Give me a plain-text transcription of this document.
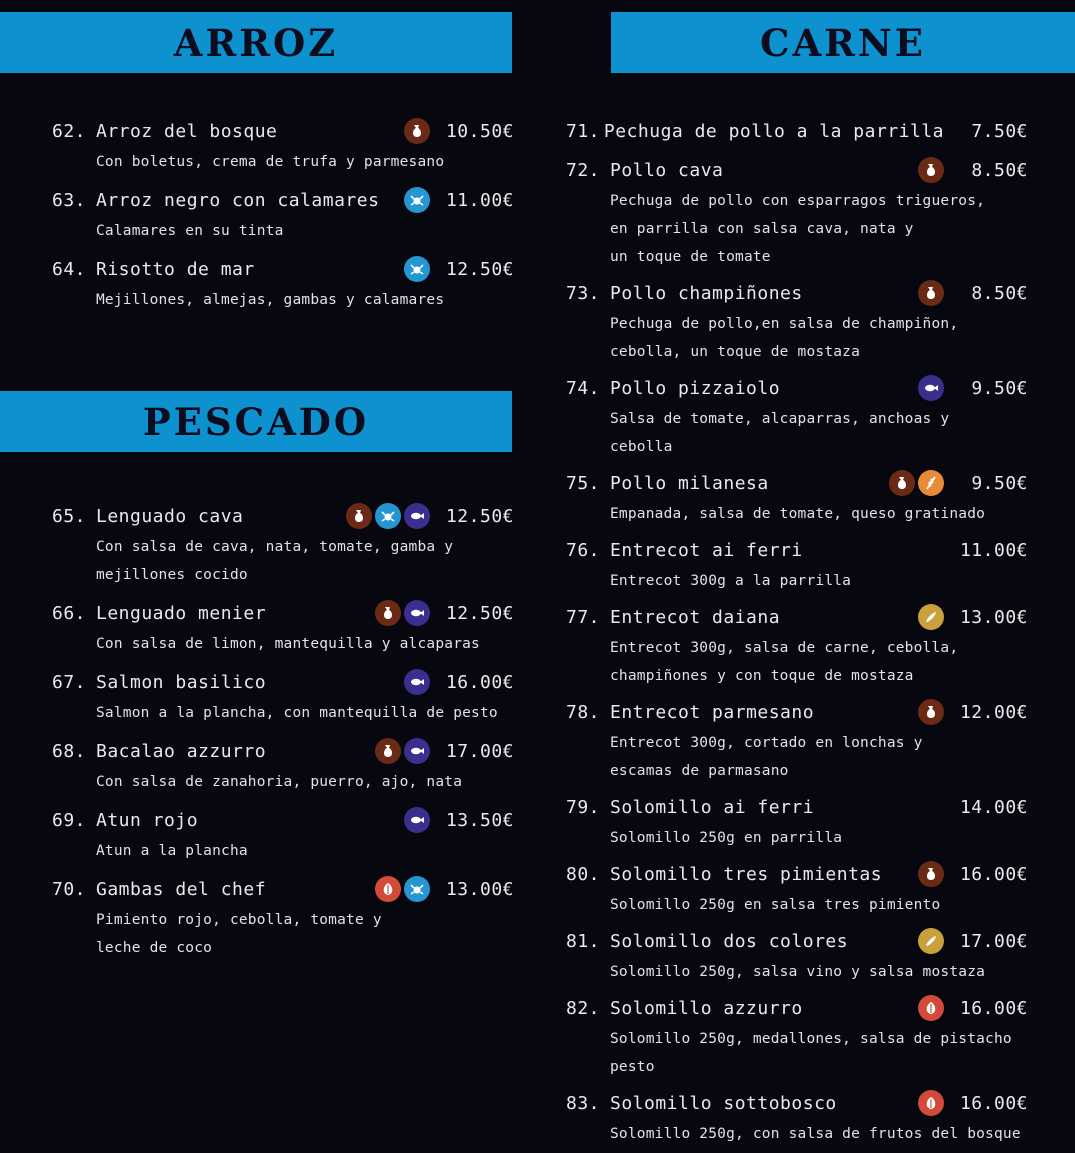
ARROZ
PESCADO
CARNE
62. Arroz del bosque	10.50€
Con boletus, crema de trufa y parmesano
63. Arroz negro con calamares	11.00€
Calamares en su tinta
64. Risotto de mar	12.50€
Mejillones, almejas, gambas y calamares
65. Lenguado cava	12.50€
Con salsa de cava, nata, tomate, gamba y
mejillones cocido
66. Lenguado menier	12.50€
Con salsa de limon, mantequilla y alcaparas
67. Salmon basilico	16.00€
Salmon a la plancha, con mantequilla de pesto
68. Bacalao azzurro	17.00€
Con salsa de zanahoria, puerro, ajo, nata
69. Atun rojo	13.50€
Atun a la plancha
70. Gambas del chef	13.00€
Pimiento rojo, cebolla, tomate y
leche de coco
71. Pechuga de pollo a la parrilla	7.50€
72. Pollo cava	8.50€
Pechuga de pollo con esparragos trigueros,
en parrilla con salsa cava, nata y
un toque de tomate
73. Pollo champiñones	8.50€
Pechuga de pollo,en salsa de champiñon,
cebolla, un toque de mostaza
74. Pollo pizzaiolo	9.50€
Salsa de tomate, alcaparras, anchoas y
cebolla
75. Pollo milanesa	9.50€
Empanada, salsa de tomate, queso gratinado
76. Entrecot ai ferri	11.00€
Entrecot 300g a la parrilla
77. Entrecot daiana	13.00€
Entrecot 300g, salsa de carne, cebolla,
champiñones y con toque de mostaza
78. Entrecot parmesano	12.00€
Entrecot 300g, cortado en lonchas y
escamas de parmasano
79. Solomillo ai ferri	14.00€
Solomillo 250g en parrilla
80. Solomillo tres pimientas	16.00€
Solomillo 250g en salsa tres pimiento
81. Solomillo dos colores	17.00€
Solomillo 250g, salsa vino y salsa mostaza
82. Solomillo azzurro	16.00€
Solomillo 250g, medallones, salsa de pistacho
pesto
83. Solomillo sottobosco	16.00€
Solomillo 250g, con salsa de frutos del bosque
